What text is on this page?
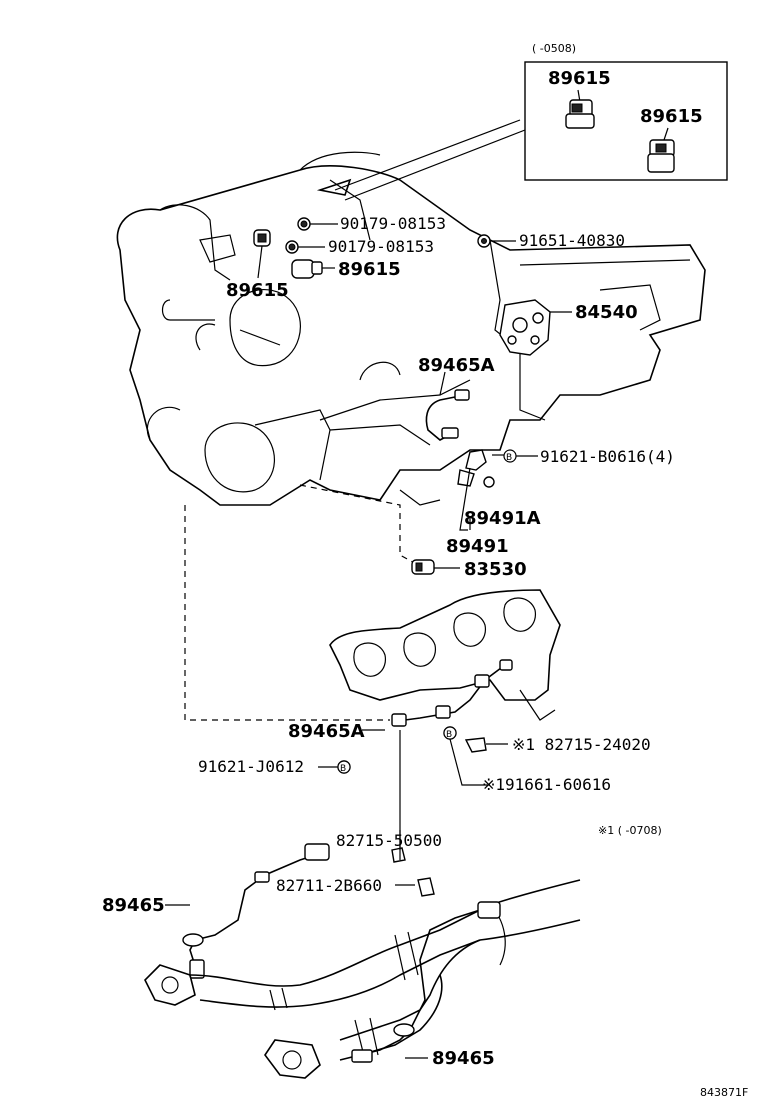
( -0508)
89615
89615
90179-08153
90179-08153
89615
89615
91651-40830
84540
89465A
91621-B0616(4)
89491A
89491
83530
89465A
※1 82715-24020
91621-J0612
※191661-60616
82715-50500
※1 ( -0708)
82711-2B660
89465
89465
843871F
B
B
B
